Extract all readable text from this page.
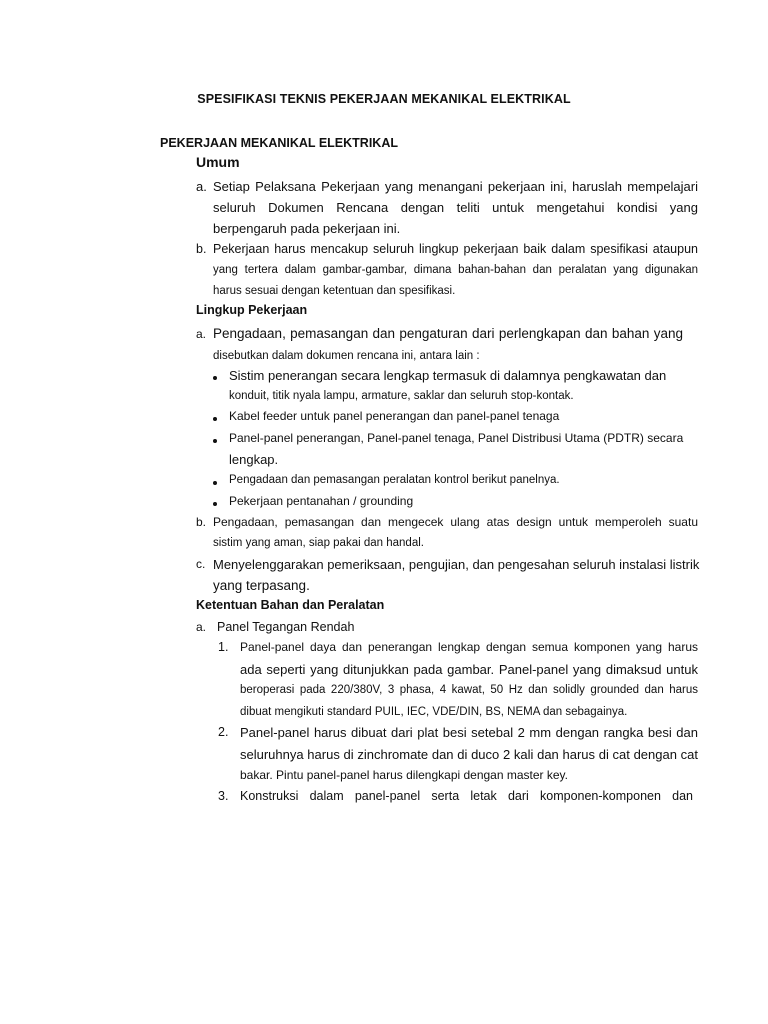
SPESIFIKASI TEKNIS PEKERJAAN MEKANIKAL ELEKTRIKAL
PEKERJAAN MEKANIKAL ELEKTRIKAL
Umum
a. Setiap Pelaksana Pekerjaan yang menangani pekerjaan ini, haruslah mempelajari
seluruh Dokumen Rencana dengan teliti untuk mengetahui kondisi yang
berpengaruh pada pekerjaan ini.
b. Pekerjaan harus mencakup seluruh lingkup pekerjaan baik dalam spesifikasi ataupun
yang tertera dalam gambar-gambar, dimana bahan-bahan dan peralatan yang digunakan
harus sesuai dengan ketentuan dan spesifikasi.
Lingkup Pekerjaan
a. Pengadaan, pemasangan dan pengaturan dari perlengkapan dan bahan yang
disebutkan dalam dokumen rencana ini, antara lain :
Sistim penerangan secara lengkap termasuk di dalamnya pengkawatan dan
konduit, titik nyala lampu, armature, saklar dan seluruh stop-kontak.
Kabel feeder untuk panel penerangan dan panel-panel tenaga
Panel-panel penerangan, Panel-panel tenaga, Panel Distribusi Utama (PDTR) secara
lengkap.
Pengadaan dan pemasangan peralatan kontrol berikut panelnya.
Pekerjaan pentanahan / grounding
b. Pengadaan, pemasangan dan mengecek ulang atas design untuk memperoleh suatu
sistim yang aman, siap pakai dan handal.
c. Menyelenggarakan pemeriksaan, pengujian, dan pengesahan seluruh instalasi listrik
yang terpasang.
Ketentuan Bahan dan Peralatan
a. Panel Tegangan Rendah
1. Panel-panel daya dan penerangan lengkap dengan semua komponen yang harus
ada seperti yang ditunjukkan pada gambar. Panel-panel yang dimaksud untuk
beroperasi pada 220/380V, 3 phasa, 4 kawat, 50 Hz dan solidly grounded dan harus
dibuat mengikuti standard PUIL, IEC, VDE/DIN, BS, NEMA dan sebagainya.
2. Panel-panel harus dibuat dari plat besi setebal 2 mm dengan rangka besi dan
seluruhnya harus di zinchromate dan di duco 2 kali dan harus di cat dengan cat
bakar. Pintu panel-panel harus dilengkapi dengan master key.
3. Konstruksi dalam panel-panel serta letak dari komponen-komponen dan
